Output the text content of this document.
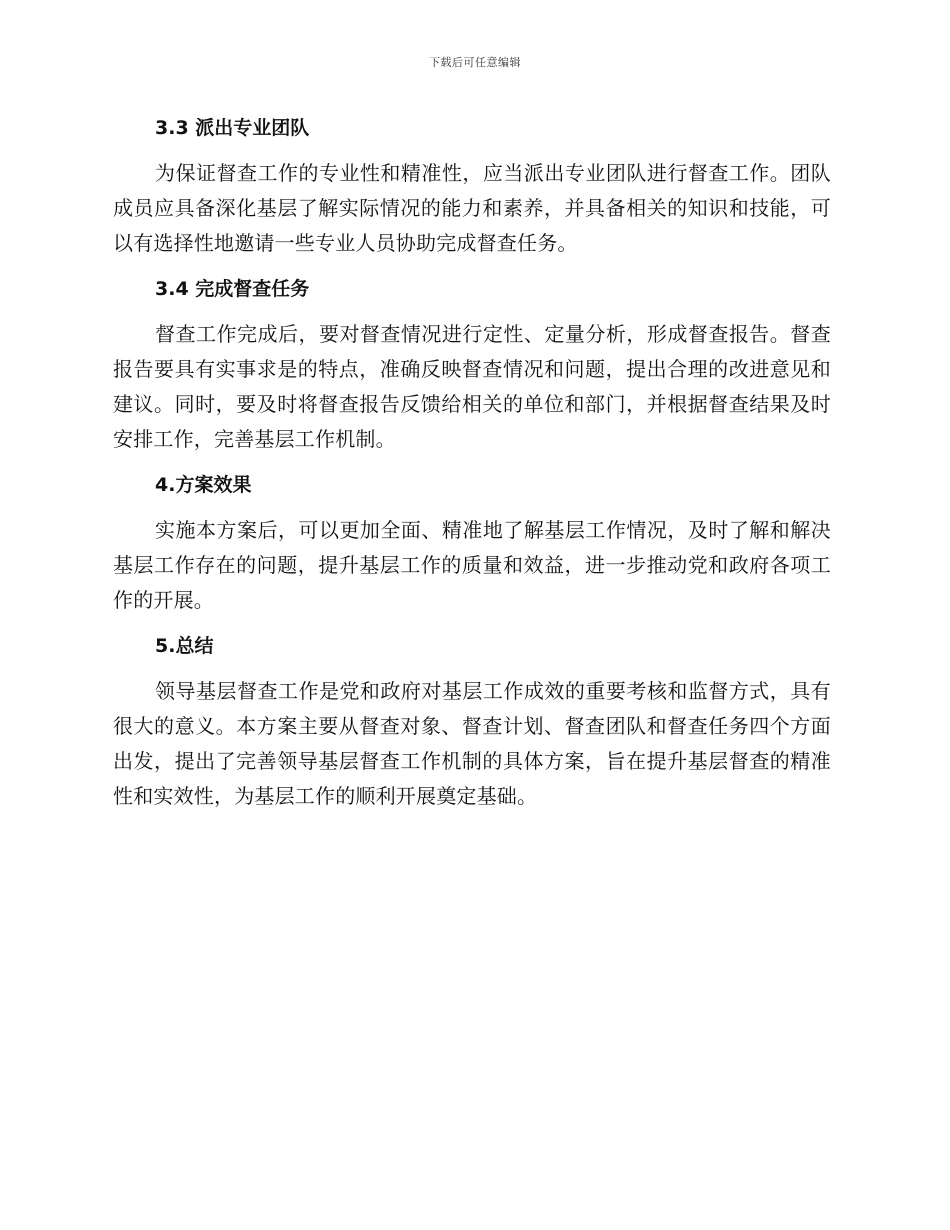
下载后可任意编辑
3.3 派出专业团队

为保证督查工作的专业性和精准性，应当派出专业团队进行督查工作。团队成员应具备深化基层了解实际情况的能力和素养，并具备相关的知识和技能，可以有选择性地邀请一些专业人员协助完成督查任务。

3.4 完成督查任务

督查工作完成后，要对督查情况进行定性、定量分析，形成督查报告。督查报告要具有实事求是的特点，准确反映督查情况和问题，提出合理的改进意见和建议。同时，要及时将督查报告反馈给相关的单位和部门，并根据督查结果及时安排工作，完善基层工作机制。

4.方案效果

实施本方案后，可以更加全面、精准地了解基层工作情况，及时了解和解决基层工作存在的问题，提升基层工作的质量和效益，进一步推动党和政府各项工作的开展。

5.总结

领导基层督查工作是党和政府对基层工作成效的重要考核和监督方式，具有很大的意义。本方案主要从督查对象、督查计划、督查团队和督查任务四个方面出发，提出了完善领导基层督查工作机制的具体方案，旨在提升基层督查的精准性和实效性，为基层工作的顺利开展奠定基础。
